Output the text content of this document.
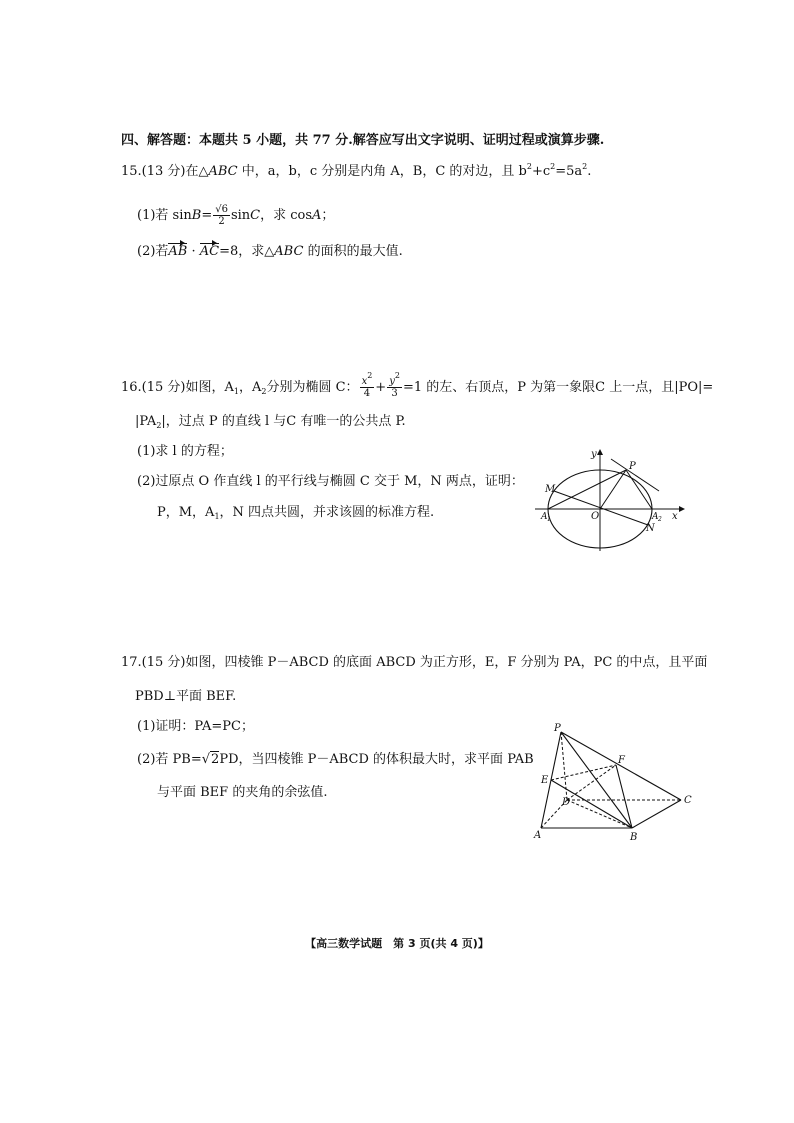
四、解答题：本题共 5 小题，共 77 分.解答应写出文字说明、证明过程或演算步骤.
15.(13 分)在△ABC 中，a，b，c 分别是内角 A，B，C 的对边，且 $b^2+c^2=5a^2$.
(1)若 $\sin B= \frac{√6}{2}$ sinC，求 cosA；
(2)若AB · AC=8，求△ABC 的面积的最大值.
16.(15 分)如图，$A_1$，$A_2$分别为椭圆 C： $\frac{x^2}{4} + \frac{y^2}{3} =1$ 的左、右顶点，P 为第一象限C 上一点，且|PO|=
$|PA_2|$，过点 P 的直线 l 与C 有唯一的公共点 P.
(1)求 l 的方程；
(2)过原点 O 作直线 l 的平行线与椭圆 C 交于 M，N 两点，证明：
P，M，$A_1$，N 四点共圆，并求该圆的标准方程.
y
P
M
A 1	O	A 2
N
x
17.(15 分)如图，四棱锥 P－ABCD 的底面 ABCD 为正方形，E，F 分别为 PA，PC 的中点，且平面
PBD⊥平面 BEF.
(1)证明：PA=PC；
(2)若 PB=√2PD，当四棱锥 P－ABCD 的体积最大时，求平面 PAB
与平面 BEF 的夹角的余弦值.
P
F
E
D	C
A	B
【高三数学试题　第 3 页(共 4 页)】
